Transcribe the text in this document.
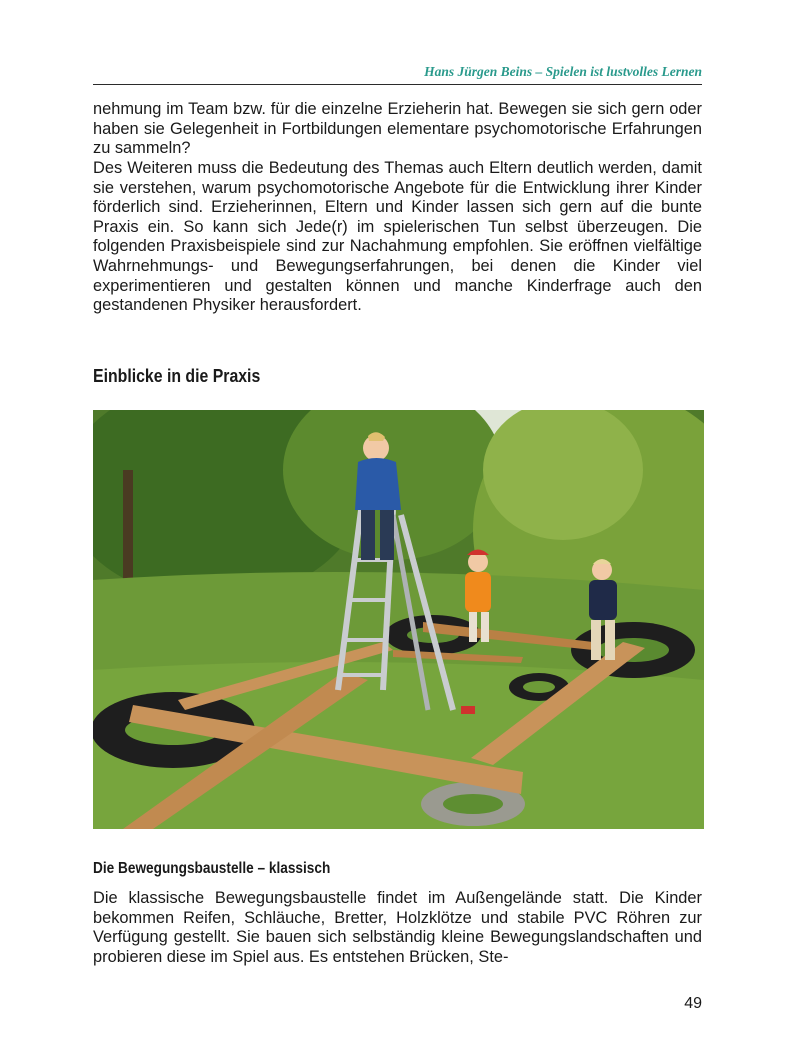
Hans Jürgen Beins – Spielen ist lustvolles Lernen

nehmung im Team bzw. für die einzelne Erzieherin hat. Bewegen sie sich gern oder haben sie Gelegenheit in Fortbildungen elementare psychomotorische Erfahrungen zu sammeln?

Des Weiteren muss die Bedeutung des Themas auch Eltern deutlich werden, damit sie verstehen, warum psychomotorische Angebote für die Entwicklung ihrer Kinder förderlich sind. Erzieherinnen, Eltern und Kinder lassen sich gern auf die bunte Praxis ein. So kann sich Jede(r) im spielerischen Tun selbst überzeugen. Die folgenden Praxisbeispiele sind zur Nachahmung empfohlen. Sie eröffnen vielfältige Wahrnehmungs- und Bewegungserfahrungen, bei denen die Kinder viel experimentieren und gestalten können und manche Kinderfrage auch den gestandenen Physiker herausfordert.

Einblicke in die Praxis
Die Bewegungsbaustelle – klassisch

Die klassische Bewegungsbaustelle findet im Außengelände statt. Die Kinder bekommen Reifen, Schläuche, Bretter, Holzklötze und stabile PVC Röhren zur Verfügung gestellt. Sie bauen sich selbständig kleine Bewegungslandschaften und probieren diese im Spiel aus. Es entstehen Brücken, Ste-

49
